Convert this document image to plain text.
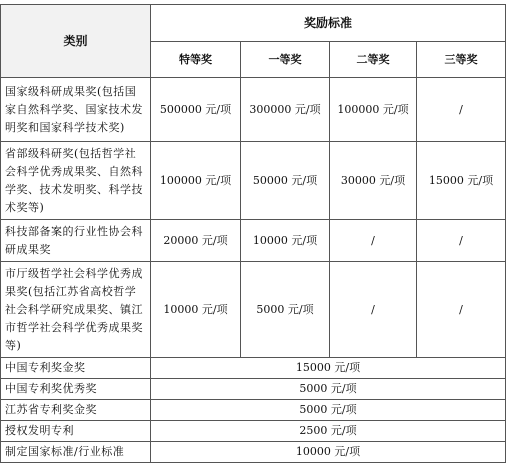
类别	奖励标准			
	特等奖	一等奖	二等奖	三等奖
国家级科研成果奖(包括国家自然科学奖、国家技术发明奖和国家科学技术奖)	500000 元/项	300000 元/项	100000 元/项	/
省部级科研奖(包括哲学社会科学优秀成果奖、自然科学奖、技术发明奖、科学技术奖等)	100000 元/项	50000 元/项	30000 元/项	15000 元/项
科技部备案的行业性协会科研成果奖	20000 元/项	10000 元/项	/	/
市厅级哲学社会科学优秀成果奖(包括江苏省高校哲学社会科学研究成果奖、镇江市哲学社会科学优秀成果奖等)	10000 元/项	5000 元/项	/	/
中国专利奖金奖	15000 元/项			
中国专利奖优秀奖	5000 元/项			
江苏省专利奖金奖	5000 元/项			
授权发明专利	2500 元/项			
制定国家标准/行业标准	10000 元/项			
